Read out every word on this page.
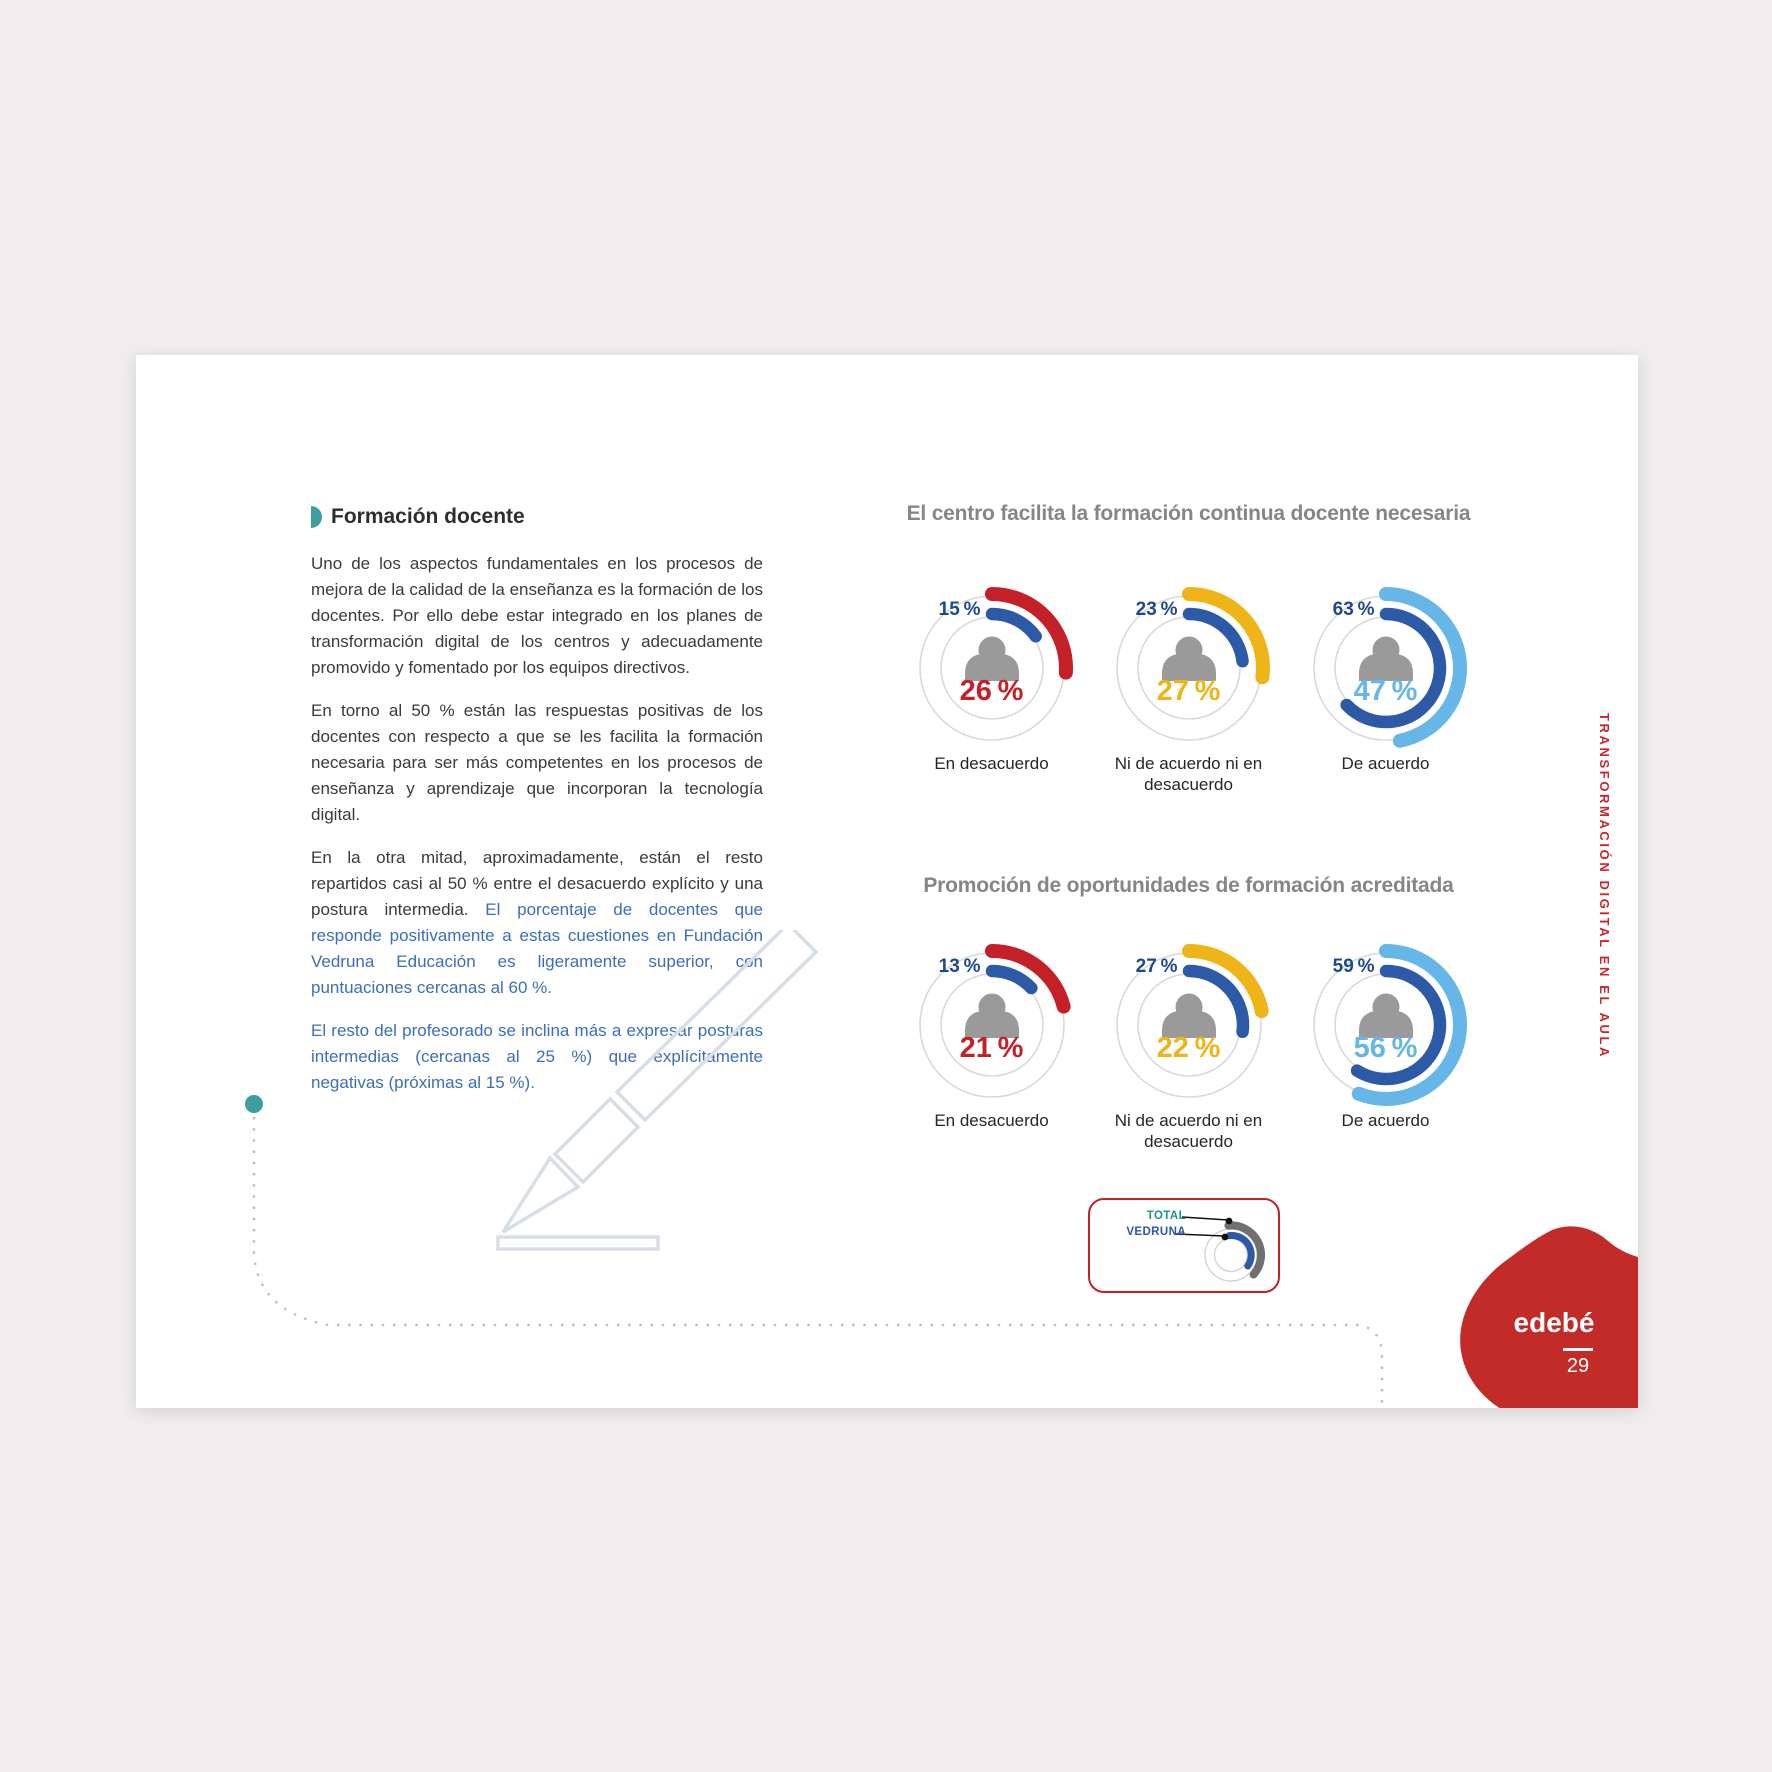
Formación docente

Uno de los aspectos fundamentales en los procesos de mejora de la calidad de la enseñanza es la formación de los docentes. Por ello debe estar integrado en los planes de transformación digital de los centros y adecuadamente promovido y fomentado por los equipos directivos.

En torno al 50 % están las respuestas positivas de los docentes con respecto a que se les facilita la formación necesaria para ser más competentes en los procesos de enseñanza y aprendizaje que incorporan la tecnología digital.

En la otra mitad, aproximadamente, están el resto repartidos casi al 50 % entre el desacuerdo explícito y una postura intermedia. El porcentaje de docentes que responde positivamente a estas cuestiones en Fundación Vedruna Educación es ligeramente superior, con puntuaciones cercanas al 60 %.

El resto del profesorado se inclina más a expresar posturas intermedias (cercanas al 25 %) que explícitamente negativas (próximas al 15 %).

El centro facilita la formación continua docente necesaria
15 %
26 %
En desacuerdo
23 %
27 %
Ni de acuerdo ni en desacuerdo
63 %
47 %
De acuerdo
Promoción de oportunidades de formación acreditada
13 %
21 %
En desacuerdo
27 %
22 %
Ni de acuerdo ni en desacuerdo
59 %
56 %
De acuerdo
TOTAL
VEDRUNA
TRANSFORMACIÓN DIGITAL EN EL AULA
edebé
29
